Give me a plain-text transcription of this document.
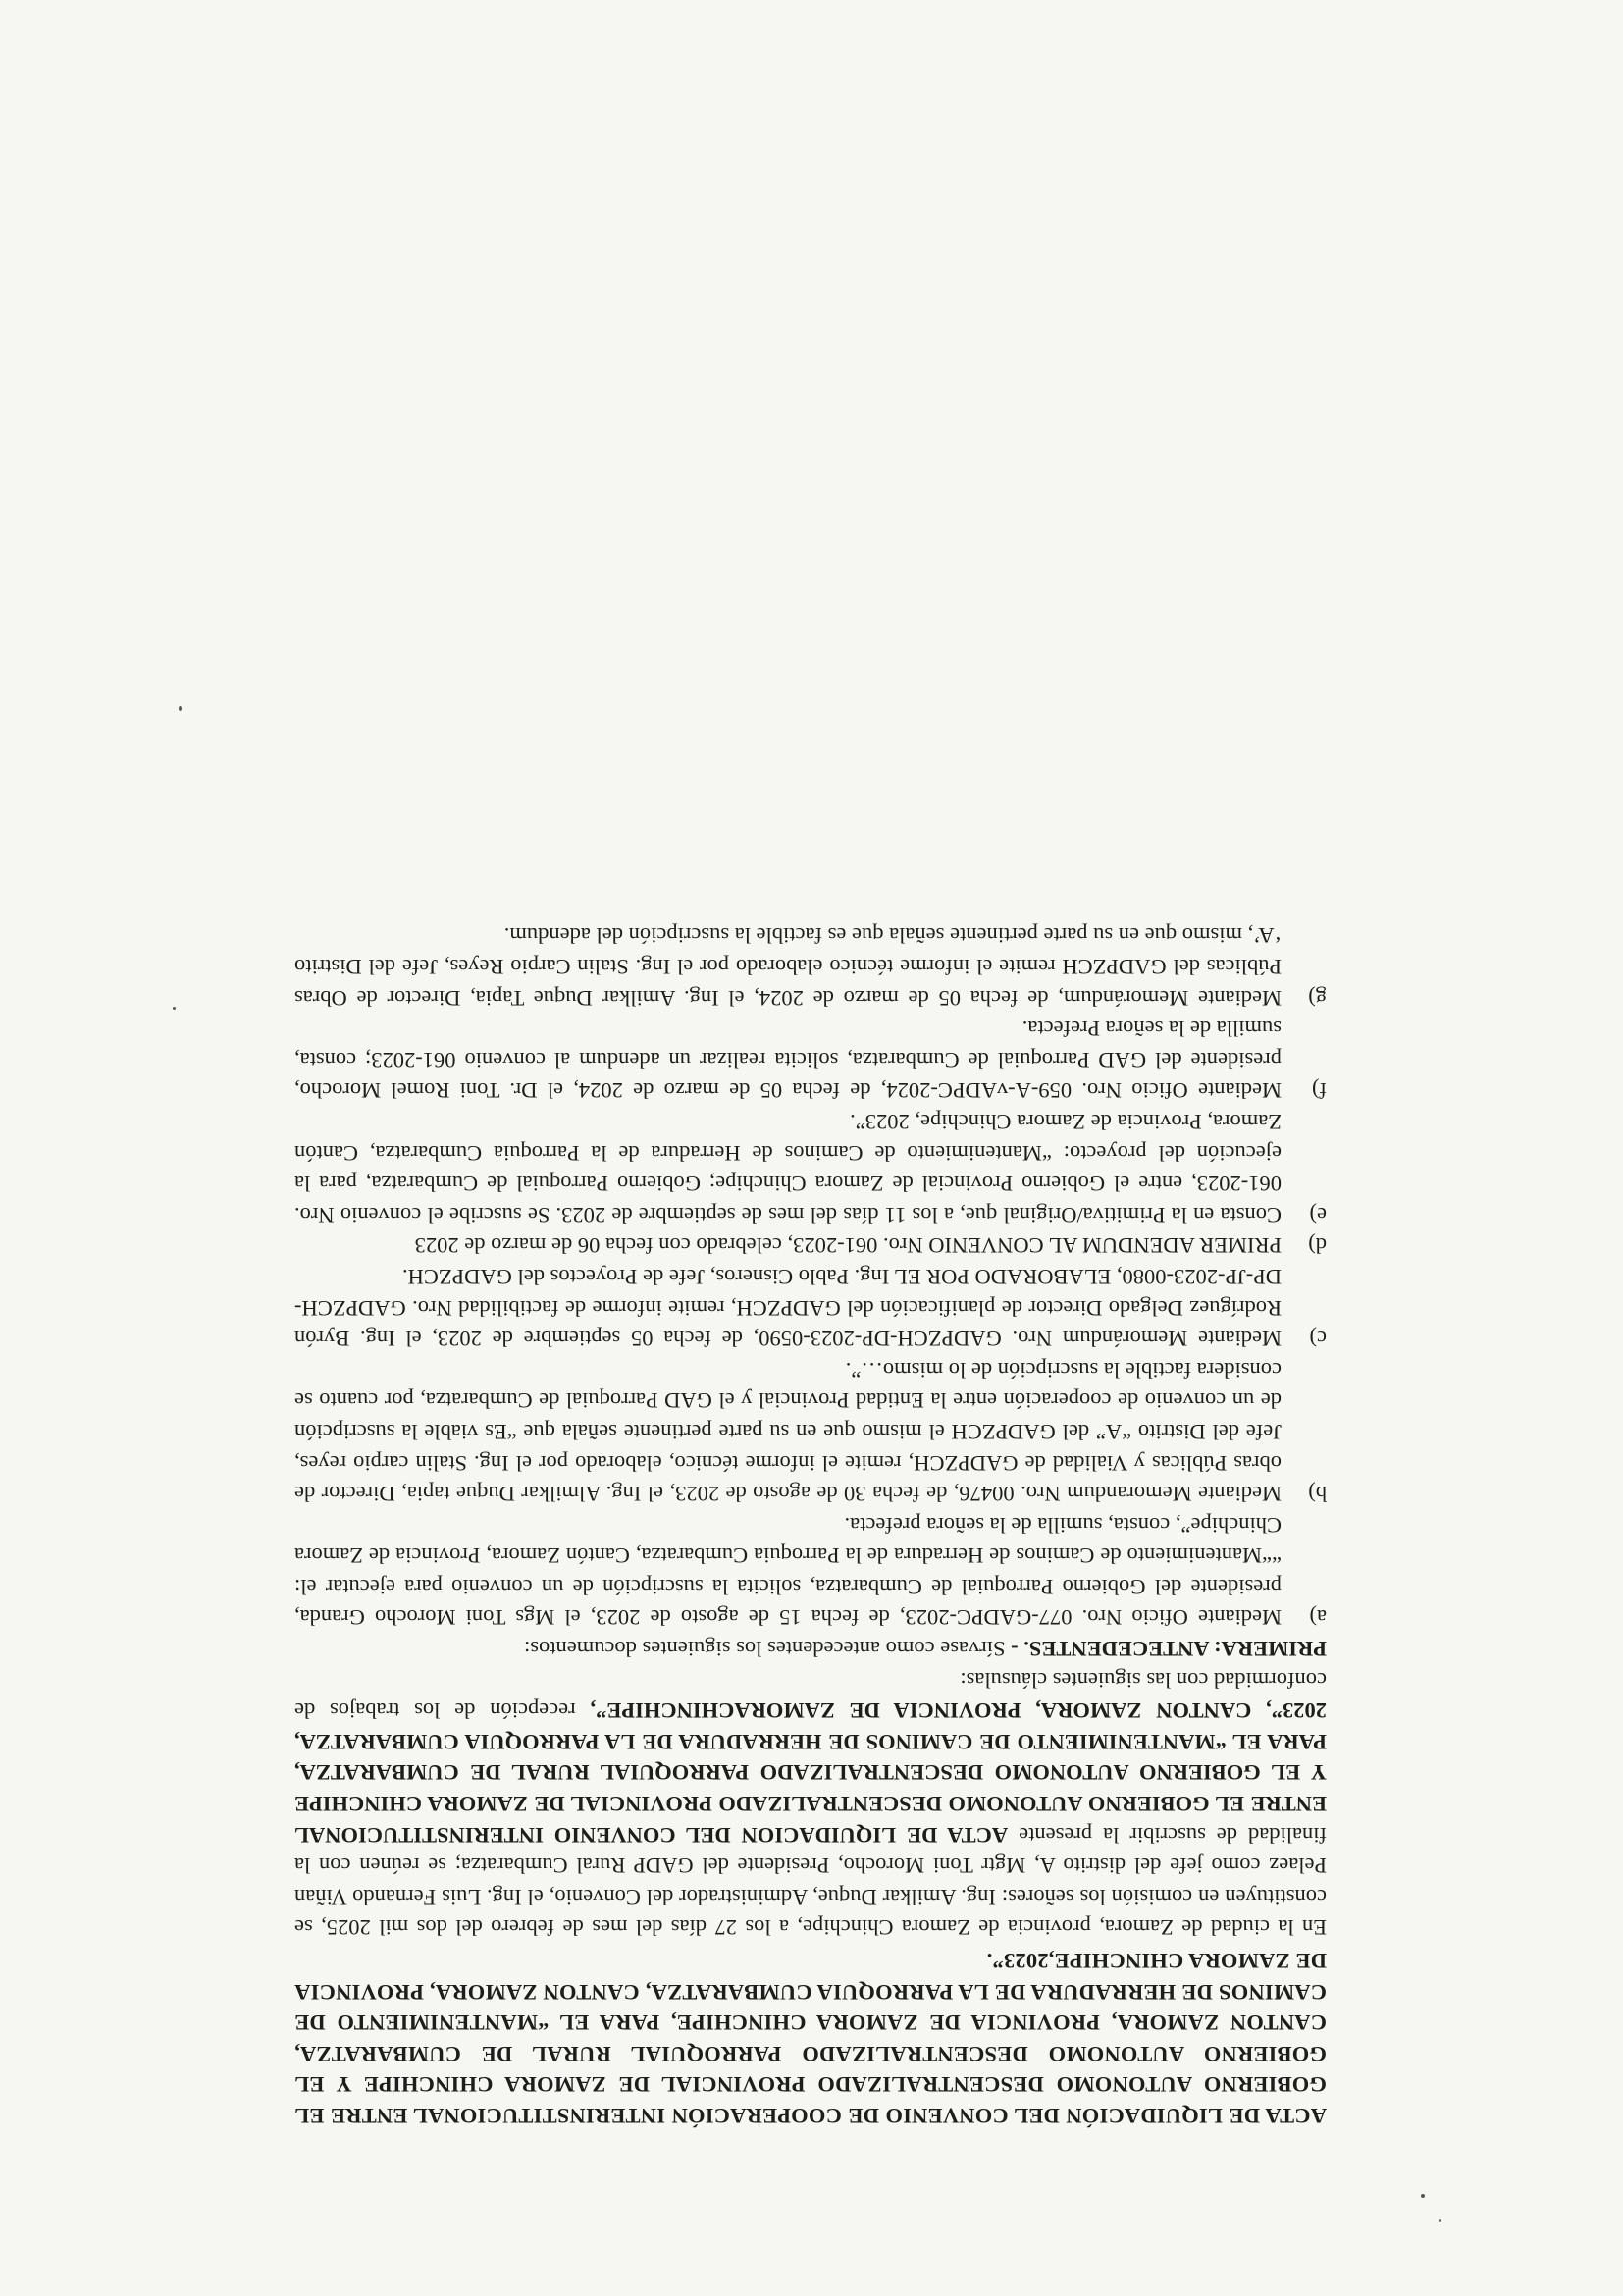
ACTA DE LIQUIDACIÓN DEL CONVENIO DE COOPERACIÓN INTERINSTITUCIONAL ENTRE EL GOBIERNO AUTONOMO DESCENTRALIZADO PROVINCIAL DE ZAMORA CHINCHIPE Y EL GOBIERNO AUTONOMO DESCENTRALIZADO PARROQUIAL RURAL DE CUMBARATZA, CANTON ZAMORA, PROVINCIA DE ZAMORA CHINCHIPE, PARA EL “MANTENIMIENTO DE CAMINOS DE HERRADURA DE LA PARROQUIA CUMBARATZA, CANTON ZAMORA, PROVINCIA DE ZAMORA CHINCHIPE,2023”.

En la ciudad de Zamora, provincia de Zamora Chinchipe, a los 27 días del mes de febrero del dos mil 2025, se constituyen en comisión los señores: Ing. Amilkar Duque, Administrador del Convenio, el Ing. Luis Fernando Viñan Pelaez como jefe del distrito A, Mgtr Toni Morocho, Presidente del GADP Rural Cumbaratza; se reúnen con la finalidad de suscribir la presente ACTA DE LIQUIDACION DEL CONVENIO INTERINSTITUCIONAL ENTRE EL GOBIERNO AUTONOMO DESCENTRALIZADO PROVINCIAL DE ZAMORA CHINCHIPE Y EL GOBIERNO AUTONOMO DESCENTRALIZADO PARROQUIAL RURAL DE CUMBARATZA, PARA EL “MANTENIMIENTO DE CAMINOS DE HERRADURA DE LA PARROQUIA CUMBARATZA, 2023”, CANTON ZAMORA, PROVINCIA DE ZAMORACHINCHIPE”, recepción de los trabajos de conformidad con las siguientes cláusulas:

PRIMERA: ANTECEDENTES. - Sírvase como antecedentes los siguientes documentos:

a)
Mediante Oficio Nro. 077-GADPC-2023, de fecha 15 de agosto de 2023, el Mgs Toni Morocho Granda, presidente del Gobierno Parroquial de Cumbaratza, solicita la suscripción de un convenio para ejecutar el: ““Mantenimiento de Caminos de Herradura de la Parroquia Cumbaratza, Cantón Zamora, Provincia de Zamora Chinchipe”, consta, sumilla de la señora prefecta.
b)
Mediante Memorandum Nro. 00476, de fecha 30 de agosto de 2023, el Ing. Almilkar Duque tapia, Director de obras Públicas y Vialidad de GADPZCH, remite el informe técnico, elaborado por el Ing. Stalin carpio reyes, Jefe del Distrito “A” del GADPZCH el mismo que en su parte pertinente señala que “Es viable la suscripción de un convenio de cooperación entre la Entidad Provincial y el GAD Parroquial de Cumbaratza, por cuanto se considera factible la suscripción de lo mismo…”.
c)
Mediante Memorándum Nro. GADPZCH-DP-2023-0590, de fecha 05 septiembre de 2023, el Ing. Byrón Rodríguez Delgado Director de planificación del GADPZCH, remite informe de factibilidad Nro. GADPZCH-DP-JP-2023-0080, ELABORADO POR EL Ing. Pablo Cisneros, Jefe de Proyectos del GADPZCH.
d)
PRIMER ADENDUM AL CONVENIO Nro. 061-2023, celebrado con fecha 06 de marzo de 2023
e)
Consta en la Primitiva/Original que, a los 11 días del mes de septiembre de 2023. Se suscribe el convenio Nro. 061-2023, entre el Gobierno Provincial de Zamora Chinchipe; Gobierno Parroquial de Cumbaratza, para la ejecución del proyecto: “Mantenimiento de Caminos de Herradura de la Parroquia Cumbaratza, Cantón Zamora, Provincia de Zamora Chinchipe, 2023”.
f)
Mediante Oficio Nro. 059-A-vADPC-2024, de fecha 05 de marzo de 2024, el Dr. Toni Romel Morocho, presidente del GAD Parroquial de Cumbaratza, solicita realizar un adendum al convenio 061-2023; consta, sumilla de la señora Prefecta.
g)
Mediante Memorándum, de fecha 05 de marzo de 2024, el Ing. Amilkar Duque Tapia, Director de Obras Públicas del GADPZCH remite el informe técnico elaborado por el Ing. Stalin Carpio Reyes, Jefe del Distrito ‘A’, mismo que en su parte pertinente señala que es factible la suscripción del adendum.
